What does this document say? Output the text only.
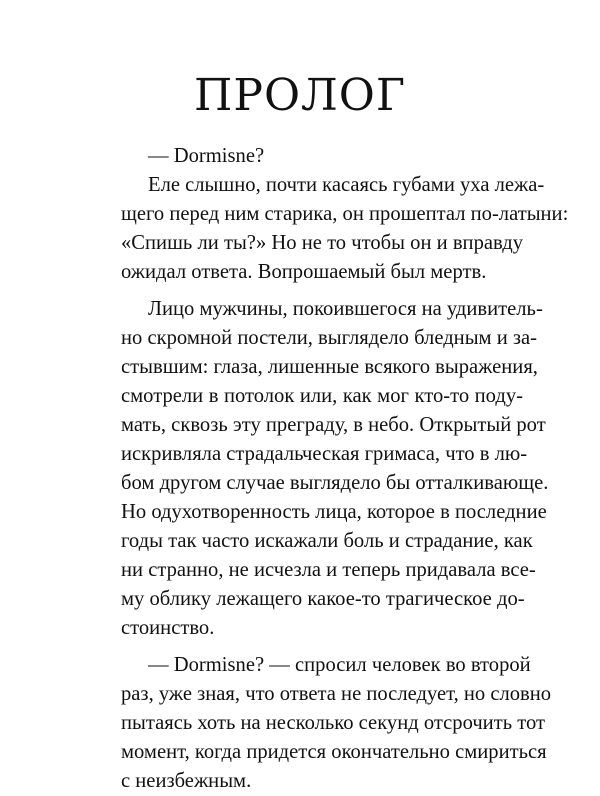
ПРОЛОГ
— Dormisne?
Еле слышно, почти касаясь губами уха лежа-
щего перед ним старика, он прошептал по-латыни:
«Спишь ли ты?» Но не то чтобы он и вправду
ожидал ответа. Вопрошаемый был мертв.
Лицо мужчины, покоившегося на удивитель-
но скромной постели, выглядело бледным и за-
стывшим: глаза, лишенные всякого выражения,
смотрели в потолок или, как мог кто-то поду-
мать, сквозь эту преграду, в небо. Открытый рот
искривляла страдальческая гримаса, что в лю-
бом другом случае выглядело бы отталкивающе.
Но одухотворенность лица, которое в последние
годы так часто искажали боль и страдание, как
ни странно, не исчезла и теперь придавала все-
му облику лежащего какое-то трагическое до-
стоинство.
— Dormisne? — спросил человек во второй
раз, уже зная, что ответа не последует, но словно
пытаясь хоть на несколько секунд отсрочить тот
момент, когда придется окончательно смириться
с неизбежным.
